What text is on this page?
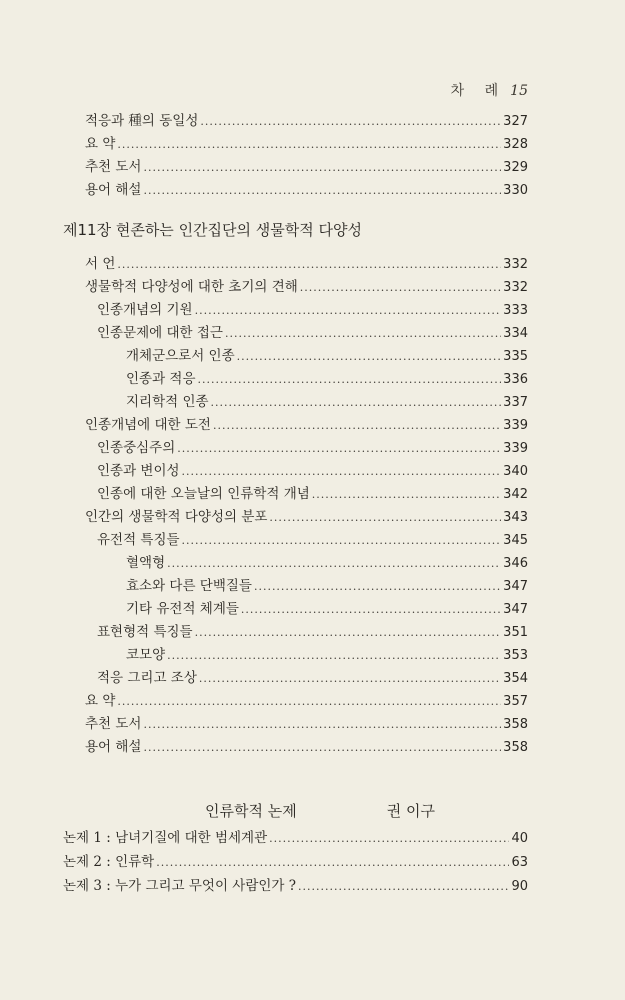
차 례 15
적응과 種의 동일성 .....	327
요 약 .....	328
추천 도서 .....	329
용어 해설 .....	330
제11장 현존하는 인간집단의 생물학적 다양성
서 언 .....	332
생물학적 다양성에 대한 초기의 견해 .....	332
인종개념의 기원 .....	333
인종문제에 대한 접근 .....	334
개체군으로서 인종 .....	335
인종과 적응 .....	336
지리학적 인종 .....	337
인종개념에 대한 도전 .....	339
인종중심주의 .....	339
인종과 변이성 .....	340
인종에 대한 오늘날의 인류학적 개념 .....	342
인간의 생물학적 다양성의 분포 .....	343
유전적 특징들 .....	345
혈액형 .....	346
효소와 다른 단백질들 .....	347
기타 유전적 체계들 .....	347
표현형적 특징들 .....	351
코모양 .....	353
적응 그리고 조상 .....	354
요 약 .....	357
추천 도서 .....	358
용어 해설 .....	358
인류학적 논제	권 이구
논제 1 : 남녀기질에 대한 범세계관 .....	40
논제 2 : 인류학 .....	63
논제 3 : 누가 그리고 무엇이 사람인가 ? .....	90
